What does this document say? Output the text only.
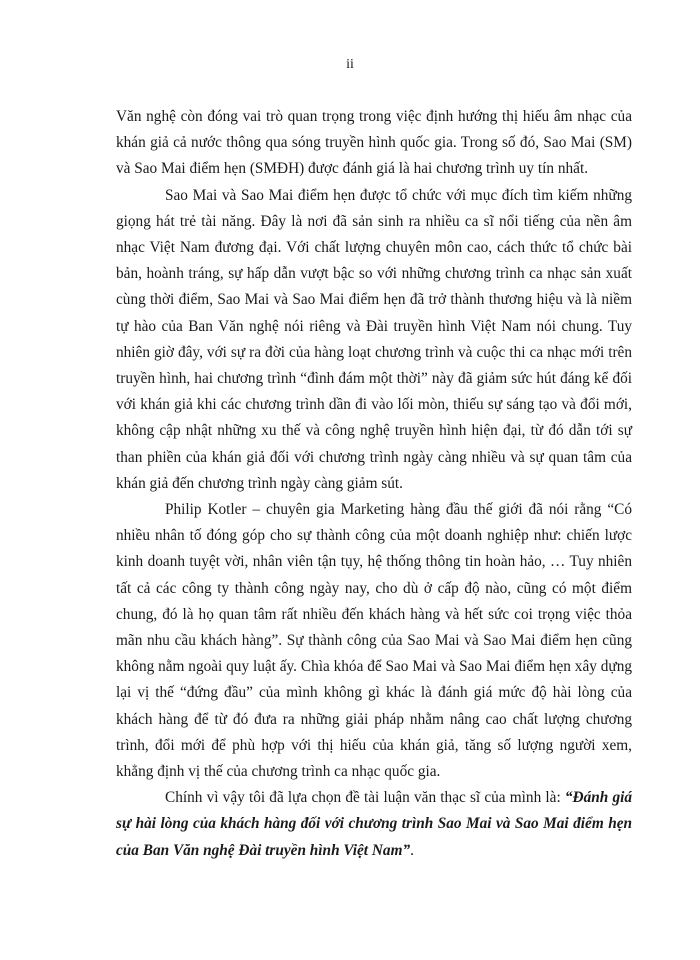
ii

Văn nghệ còn đóng vai trò quan trọng trong việc định hướng thị hiếu âm nhạc của khán giả cả nước thông qua sóng truyền hình quốc gia. Trong số đó, Sao Mai (SM) và Sao Mai điểm hẹn (SMĐH) được đánh giá là hai chương trình uy tín nhất.

Sao Mai và Sao Mai điểm hẹn được tổ chức với mục đích tìm kiếm những giọng hát trẻ tài năng. Đây là nơi đã sản sinh ra nhiều ca sĩ nổi tiếng của nền âm nhạc Việt Nam đương đại. Với chất lượng chuyên môn cao, cách thức tổ chức bài bản, hoành tráng, sự hấp dẫn vượt bậc so với những chương trình ca nhạc sản xuất cùng thời điểm, Sao Mai và Sao Mai điểm hẹn đã trở thành thương hiệu và là niềm tự hào của Ban Văn nghệ nói riêng và Đài truyền hình Việt Nam nói chung. Tuy nhiên giờ đây, với sự ra đời của hàng loạt chương trình và cuộc thi ca nhạc mới trên truyền hình, hai chương trình “đình đám một thời” này đã giảm sức hút đáng kể đối với khán giả khi các chương trình dần đi vào lối mòn, thiếu sự sáng tạo và đổi mới, không cập nhật những xu thế và công nghệ truyền hình hiện đại, từ đó dẫn tới sự than phiền của khán giả đối với chương trình ngày càng nhiều và sự quan tâm của khán giả đến chương trình ngày càng giảm sút.

Philip Kotler – chuyên gia Marketing hàng đầu thế giới đã nói rằng “Có nhiều nhân tố đóng góp cho sự thành công của một doanh nghiệp như: chiến lược kinh doanh tuyệt vời, nhân viên tận tụy, hệ thống thông tin hoàn hảo, … Tuy nhiên tất cả các công ty thành công ngày nay, cho dù ở cấp độ nào, cũng có một điểm chung, đó là họ quan tâm rất nhiều đến khách hàng và hết sức coi trọng việc thỏa mãn nhu cầu khách hàng”. Sự thành công của Sao Mai và Sao Mai điểm hẹn cũng không nằm ngoài quy luật ấy. Chìa khóa để Sao Mai và Sao Mai điểm hẹn xây dựng lại vị thế “đứng đầu” của mình không gì khác là đánh giá mức độ hài lòng của khách hàng để từ đó đưa ra những giải pháp nhằm nâng cao chất lượng chương trình, đổi mới để phù hợp với thị hiếu của khán giả, tăng số lượng người xem, khẳng định vị thế của chương trình ca nhạc quốc gia.

Chính vì vậy tôi đã lựa chọn đề tài luận văn thạc sĩ của mình là: “Đánh giá sự hài lòng của khách hàng đối với chương trình Sao Mai và Sao Mai điểm hẹn của Ban Văn nghệ Đài truyền hình Việt Nam”.
